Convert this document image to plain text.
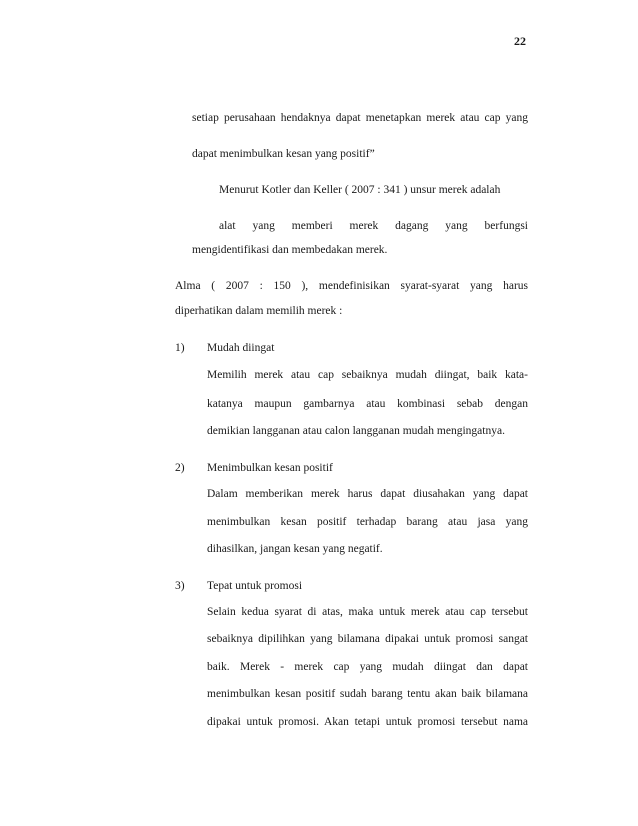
22
setiap perusahaan hendaknya dapat menetapkan merek atau cap yang
dapat menimbulkan kesan yang positif”
Menurut Kotler dan Keller ( 2007 : 341 ) unsur merek adalah
alat yang memberi merek dagang yang berfungsi
mengidentifikasi dan membedakan merek.
Alma ( 2007 : 150 ), mendefinisikan syarat-syarat yang harus
diperhatikan dalam memilih merek :
1) Mudah diingat
Memilih merek atau cap sebaiknya mudah diingat, baik kata-
katanya maupun gambarnya atau kombinasi sebab dengan
demikian langganan atau calon langganan mudah mengingatnya.
2) Menimbulkan kesan positif
Dalam memberikan merek harus dapat diusahakan yang dapat
menimbulkan kesan positif terhadap barang atau jasa yang
dihasilkan, jangan kesan yang negatif.
3) Tepat untuk promosi
Selain kedua syarat di atas, maka untuk merek atau cap tersebut
sebaiknya dipilihkan yang bilamana dipakai untuk promosi sangat
baik. Merek - merek cap yang mudah diingat dan dapat
menimbulkan kesan positif sudah barang tentu akan baik bilamana
dipakai untuk promosi. Akan tetapi untuk promosi tersebut nama
